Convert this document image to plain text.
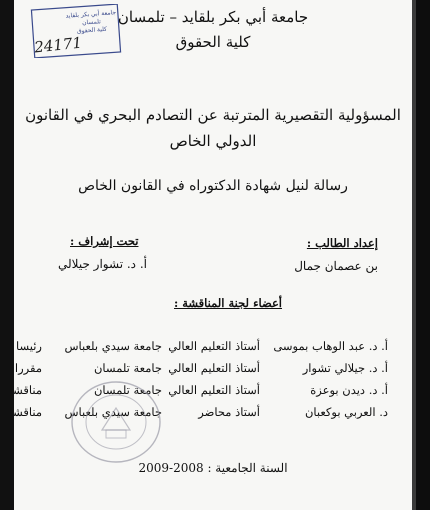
جامعة أبي بكر بلقايد
تلمسان
كلية الحقوق
24171
جامعة أبي بكر بلقايد – تلمسان
كلية الحقوق
المسؤولية التقصيرية المترتبة عن التصادم البحري في القانون
الدولي الخاص
رسالة لنيل شهادة الدكتوراه في القانون الخاص
إعداد الطالب :
تحت إشراف :
بن عصمان جمال
أ. د. تشوار جيلالي
أعضاء لجنة المناقشة :
أ. د. عبد الوهاب بموسى
أستاذ التعليم العالي
جامعة سيدي بلعباس
رئيسا
أ. د. جيلالي تشوار
أستاذ التعليم العالي
جامعة تلمسان
مقررا
أ. د. ديدن بوعزة
أستاذ التعليم العالي
جامعة تلمسان
مناقشا
د. العربي بوكعبان
أستاذ محاضر
جامعة سيدي بلعباس
مناقشا
السنة الجامعية : 2008-2009
